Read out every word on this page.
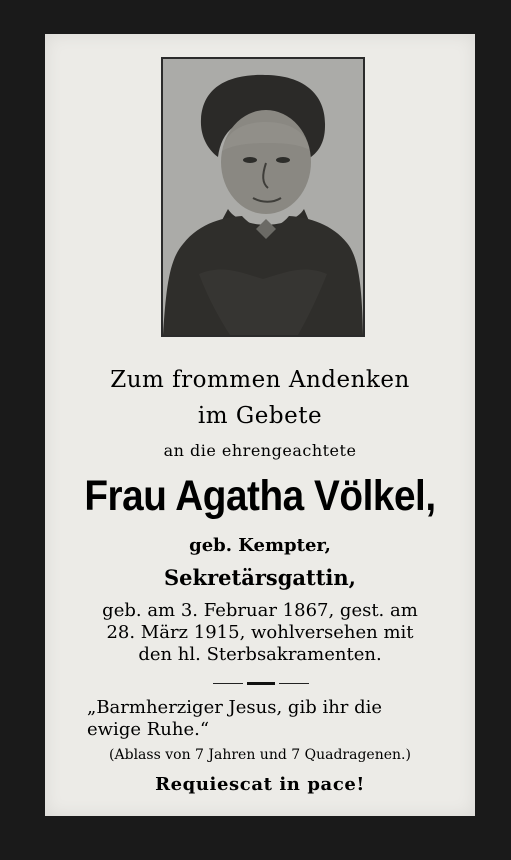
Zum frommen Andenken
im Gebete
an die ehrengeachtete
Frau Agatha Völkel,
geb. Kempter,
Sekretärsgattin,
geb. am 3. Februar 1867, gest. am
28. März 1915, wohlversehen mit
den hl. Sterbsakramenten.
„Barmherziger Jesus, gib ihr die
ewige Ruhe.“
(Ablass von 7 Jahren und 7 Quadragenen.)
Requiescat in pace!
